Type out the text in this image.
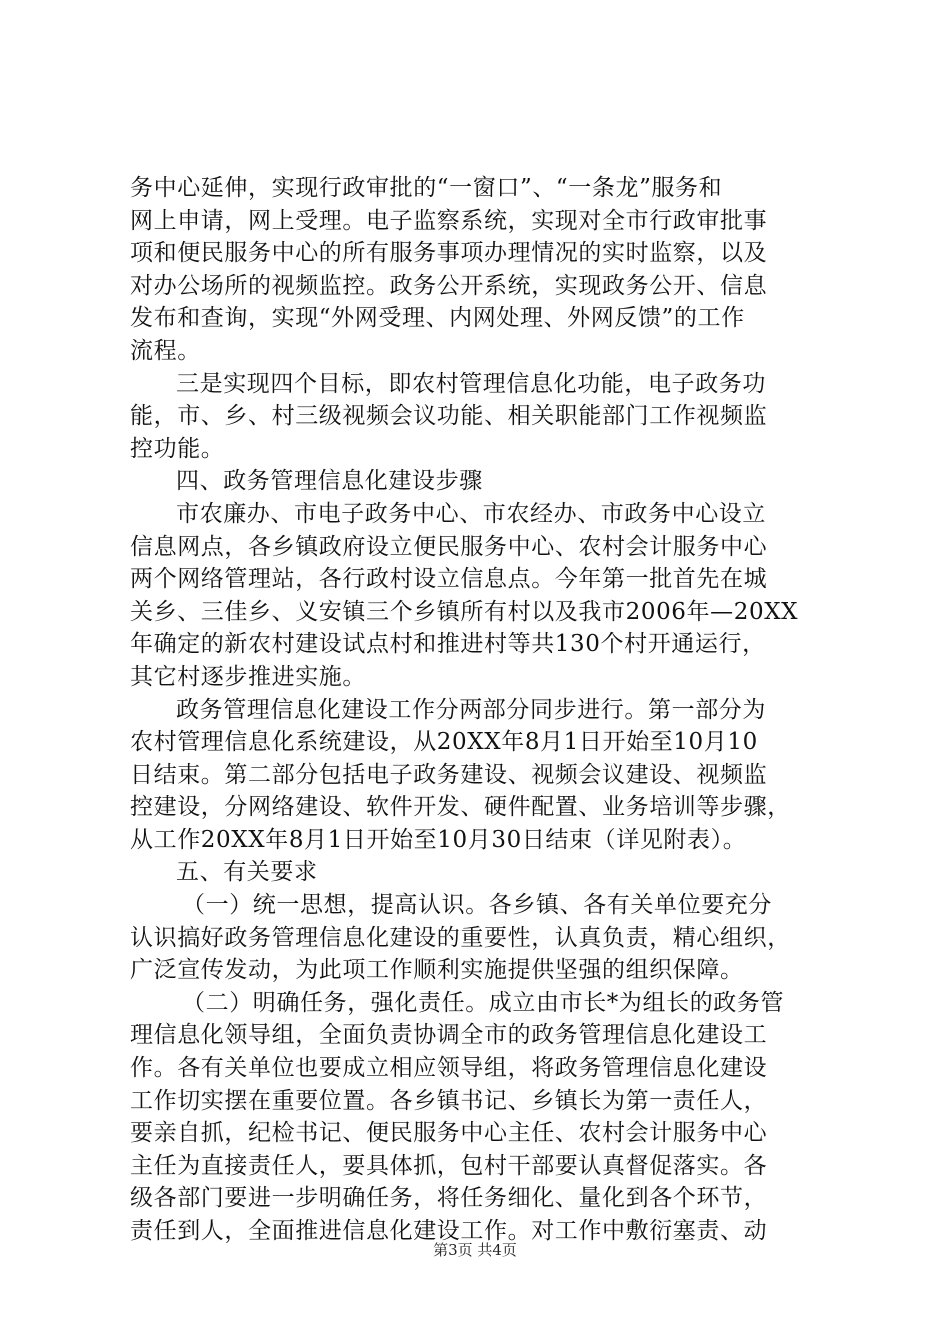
务中心延伸，实现行政审批的“一窗口”、“一条龙”服务和
网上申请，网上受理。电子监察系统，实现对全市行政审批事
项和便民服务中心的所有服务事项办理情况的实时监察，以及
对办公场所的视频监控。政务公开系统，实现政务公开、信息
发布和查询，实现“外网受理、内网处理、外网反馈”的工作
流程。
三是实现四个目标，即农村管理信息化功能，电子政务功
能，市、乡、村三级视频会议功能、相关职能部门工作视频监
控功能。
四、政务管理信息化建设步骤
市农廉办、市电子政务中心、市农经办、市政务中心设立
信息网点，各乡镇政府设立便民服务中心、农村会计服务中心
两个网络管理站，各行政村设立信息点。今年第一批首先在城
关乡、三佳乡、义安镇三个乡镇所有村以及我市2006年—20XX
年确定的新农村建设试点村和推进村等共130个村开通运行，
其它村逐步推进实施。
政务管理信息化建设工作分两部分同步进行。第一部分为
农村管理信息化系统建设，从20XX年8月1日开始至10月10
日结束。第二部分包括电子政务建设、视频会议建设、视频监
控建设，分网络建设、软件开发、硬件配置、业务培训等步骤，
从工作20XX年8月1日开始至10月30日结束（详见附表）。
五、有关要求
（一）统一思想，提高认识。各乡镇、各有关单位要充分
认识搞好政务管理信息化建设的重要性，认真负责，精心组织，
广泛宣传发动，为此项工作顺利实施提供坚强的组织保障。
（二）明确任务，强化责任。成立由市长*为组长的政务管
理信息化领导组，全面负责协调全市的政务管理信息化建设工
作。各有关单位也要成立相应领导组，将政务管理信息化建设
工作切实摆在重要位置。各乡镇书记、乡镇长为第一责任人，
要亲自抓，纪检书记、便民服务中心主任、农村会计服务中心
主任为直接责任人，要具体抓，包村干部要认真督促落实。各
级各部门要进一步明确任务，将任务细化、量化到各个环节，
责任到人，全面推进信息化建设工作。对工作中敷衍塞责、动
第3页 共4页
